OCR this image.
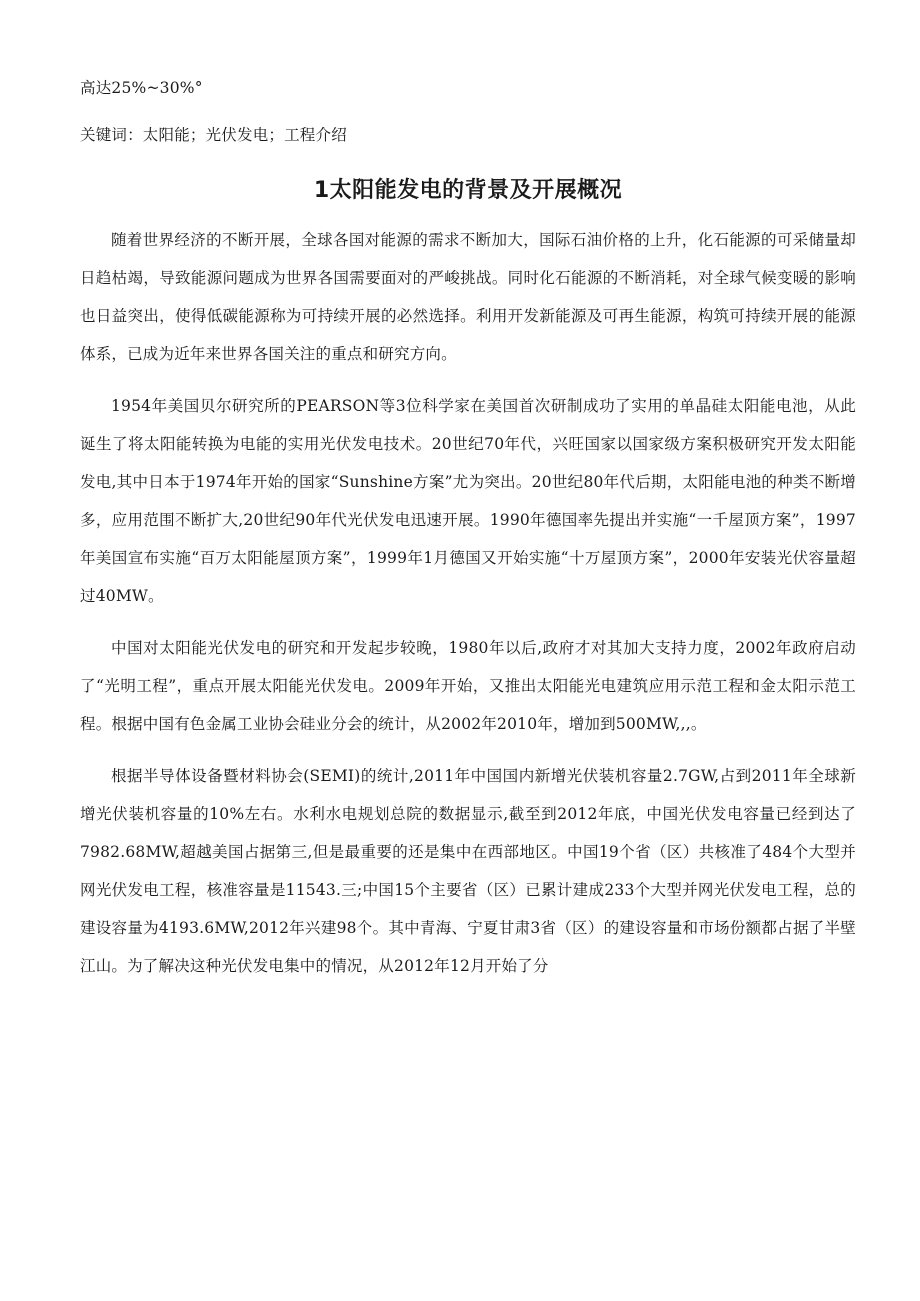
高达25%~30%°

关键词：太阳能；光伏发电；工程介绍

1太阳能发电的背景及开展概况

随着世界经济的不断开展，全球各国对能源的需求不断加大，国际石油价格的上升，化石能源的可采储量却日趋枯竭，导致能源问题成为世界各国需要面对的严峻挑战。同时化石能源的不断消耗，对全球气候变暖的影响也日益突出，使得低碳能源称为可持续开展的必然选择。利用开发新能源及可再生能源，构筑可持续开展的能源体系，已成为近年来世界各国关注的重点和研究方向。

1954年美国贝尔研究所的PEARSON等3位科学家在美国首次研制成功了实用的单晶硅太阳能电池，从此诞生了将太阳能转换为电能的实用光伏发电技术。20世纪70年代，兴旺国家以国家级方案积极研究开发太阳能发电,其中日本于1974年开始的国家“Sunshine方案”尤为突出。20世纪80年代后期，太阳能电池的种类不断增多，应用范围不断扩大,20世纪90年代光伏发电迅速开展。1990年德国率先提出并实施“一千屋顶方案”，1997年美国宣布实施“百万太阳能屋顶方案”，1999年1月德国又开始实施“十万屋顶方案”，2000年安装光伏容量超过40MW。

中国对太阳能光伏发电的研究和开发起步较晚，1980年以后,政府才对其加大支持力度，2002年政府启动了“光明工程”，重点开展太阳能光伏发电。2009年开始，又推出太阳能光电建筑应用示范工程和金太阳示范工程。根据中国有色金属工业协会硅业分会的统计，从2002年2010年，增加到500MW,,,。

根据半导体设备暨材料协会(SEMI)的统计,2011年中国国内新增光伏装机容量2.7GW,占到2011年全球新增光伏装机容量的10%左右。水利水电规划总院的数据显示,截至到2012年底，中国光伏发电容量已经到达了7982.68MW,超越美国占据第三,但是最重要的还是集中在西部地区。中国19个省（区）共核准了484个大型并网光伏发电工程，核准容量是11543.三;中国15个主要省（区）已累计建成233个大型并网光伏发电工程，总的建设容量为4193.6MW,2012年兴建98个。其中青海、宁夏甘肃3省（区）的建设容量和市场份额都占据了半壁江山。为了解决这种光伏发电集中的情况，从2012年12月开始了分
